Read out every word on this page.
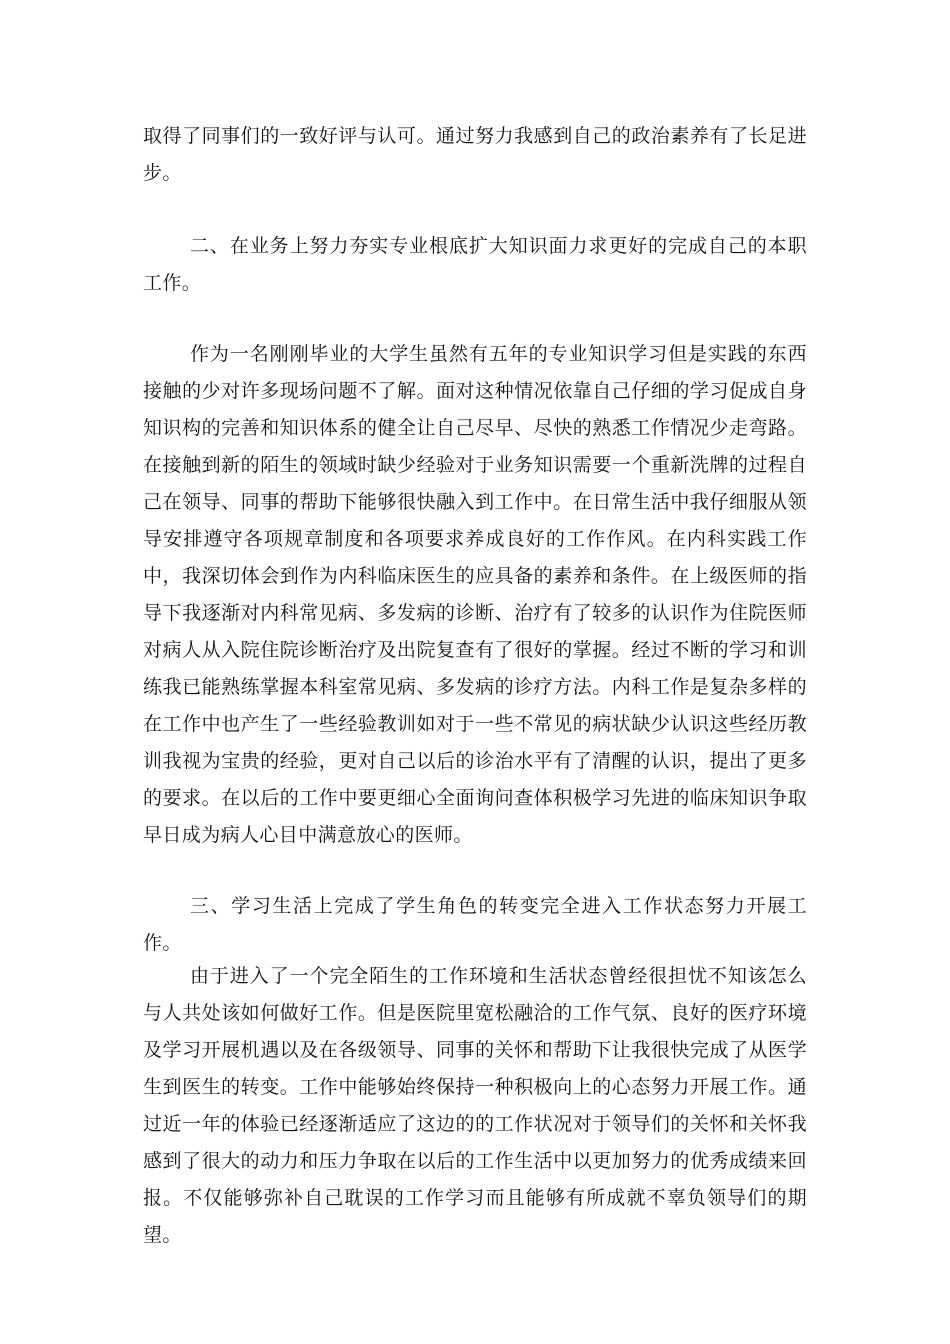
取得了同事们的一致好评与认可。通过努力我感到自己的政治素养有了长足进步。

二、在业务上努力夯实专业根底扩大知识面力求更好的完成自己的本职工作。

作为一名刚刚毕业的大学生虽然有五年的专业知识学习但是实践的东西接触的少对许多现场问题不了解。面对这种情况依靠自己仔细的学习促成自身知识构的完善和知识体系的健全让自己尽早、尽快的熟悉工作情况少走弯路。在接触到新的陌生的领域时缺少经验对于业务知识需要一个重新洗牌的过程自己在领导、同事的帮助下能够很快融入到工作中。在日常生活中我仔细服从领导安排遵守各项规章制度和各项要求养成良好的工作作风。在内科实践工作中，我深切体会到作为内科临床医生的应具备的素养和条件。在上级医师的指导下我逐渐对内科常见病、多发病的诊断、治疗有了较多的认识作为住院医师对病人从入院住院诊断治疗及出院复查有了很好的掌握。经过不断的学习和训练我已能熟练掌握本科室常见病、多发病的诊疗方法。内科工作是复杂多样的在工作中也产生了一些经验教训如对于一些不常见的病状缺少认识这些经历教训我视为宝贵的经验，更对自己以后的诊治水平有了清醒的认识，提出了更多的要求。在以后的工作中要更细心全面询问查体积极学习先进的临床知识争取早日成为病人心目中满意放心的医师。

三、学习生活上完成了学生角色的转变完全进入工作状态努力开展工作。

由于进入了一个完全陌生的工作环境和生活状态曾经很担忧不知该怎么与人共处该如何做好工作。但是医院里宽松融洽的工作气氛、良好的医疗环境及学习开展机遇以及在各级领导、同事的关怀和帮助下让我很快完成了从医学生到医生的转变。工作中能够始终保持一种积极向上的心态努力开展工作。通过近一年的体验已经逐渐适应了这边的的工作状况对于领导们的关怀和关怀我感到了很大的动力和压力争取在以后的工作生活中以更加努力的优秀成绩来回报。不仅能够弥补自己耽误的工作学习而且能够有所成就不辜负领导们的期望。
